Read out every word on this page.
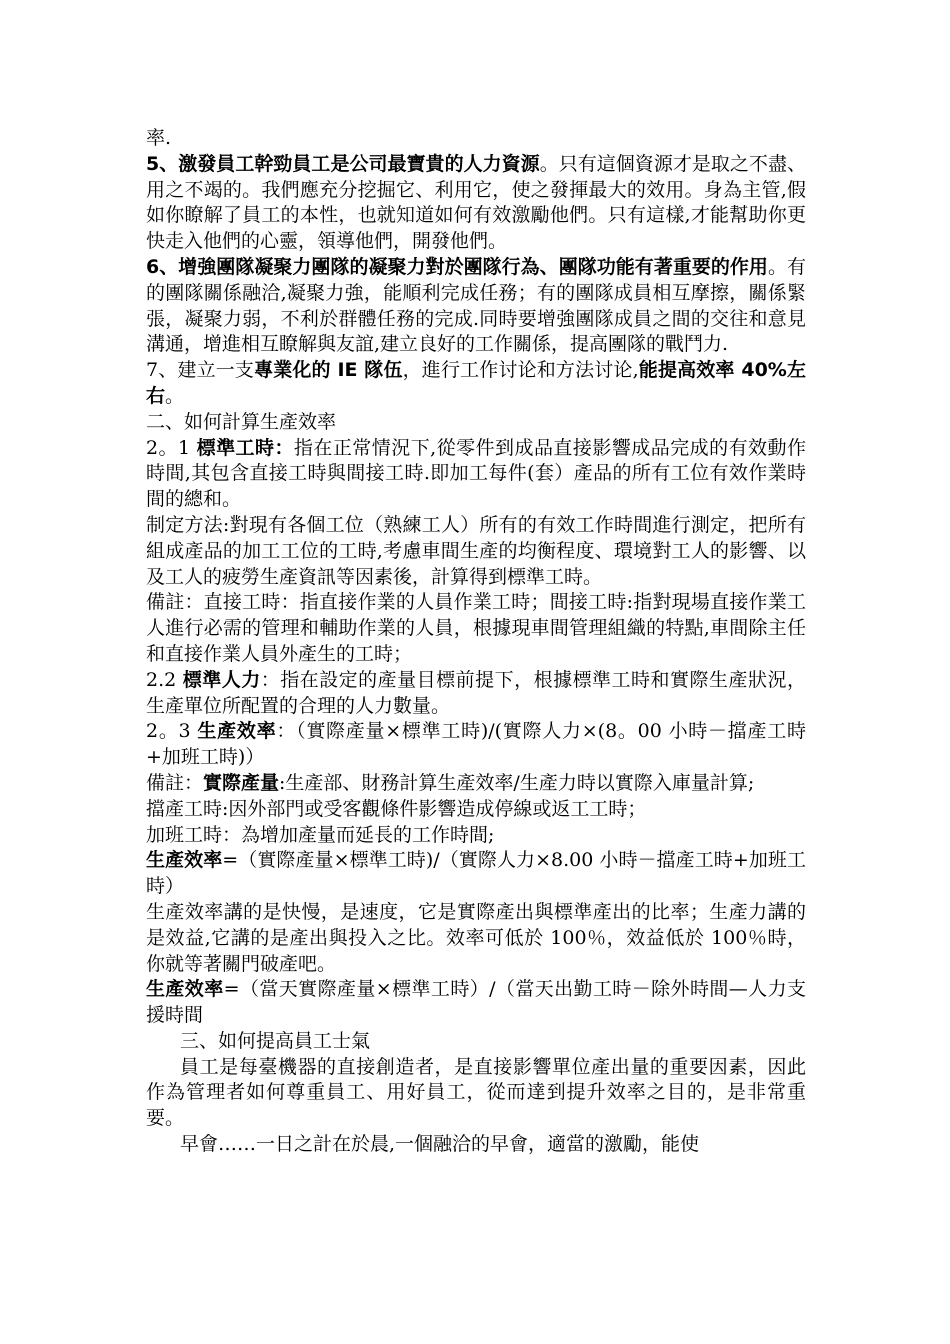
率.

5、激發員工幹勁員工是公司最寶貴的人力資源。只有這個資源才是取之不盡、用之不竭的。我們應充分挖掘它、利用它，使之發揮最大的效用。身為主管,假如你瞭解了員工的本性，也就知道如何有效激勵他們。只有這樣,才能幫助你更快走入他們的心靈，領導他們，開發他們。

6、增強團隊凝聚力團隊的凝聚力對於團隊行為、團隊功能有著重要的作用。有的團隊關係融洽,凝聚力強，能順利完成任務；有的團隊成員相互摩擦，關係緊張，凝聚力弱，不利於群體任務的完成.同時要增強團隊成員之間的交往和意見溝通，增進相互瞭解與友誼,建立良好的工作關係，提高團隊的戰鬥力.

7、建立一支專業化的 IE 隊伍，進行工作讨论和方法讨论,能提高效率 40%左右。

二、如何計算生產效率

2。1 標準工時：指在正常情況下,從零件到成品直接影響成品完成的有效動作時間,其包含直接工時與間接工時.即加工每件(套）產品的所有工位有效作業時間的總和。

制定方法:對現有各個工位（熟練工人）所有的有效工作時間進行測定，把所有組成產品的加工工位的工時,考慮車間生產的均衡程度、環境對工人的影響、以及工人的疲勞生產資訊等因素後，計算得到標準工時。

備註：直接工時：指直接作業的人員作業工時；間接工時:指對現場直接作業工人進行必需的管理和輔助作業的人員，根據現車間管理組織的特點,車間除主任和直接作業人員外產生的工時；

2.2 標準人力：指在設定的產量目標前提下，根據標準工時和實際生產狀況，生產單位所配置的合理的人力數量。

2。3 生產效率：（實際產量×標準工時)/(實際人力×(8。00 小時－擋產工時+加班工時)）

備註：實際產量:生產部、財務計算生產效率/生產力時以實際入庫量計算;

擋產工時:因外部門或受客觀條件影響造成停線或返工工時；

加班工時：為增加產量而延長的工作時間;

生產效率=（實際產量×標準工時)/（實際人力×8.00 小時－擋產工時+加班工時）

生產效率講的是快慢，是速度，它是實際產出與標準產出的比率；生產力講的是效益,它講的是產出與投入之比。效率可低於 100％，效益低於 100％時，你就等著關門破產吧。

生產效率=（當天實際產量×標準工時）/（當天出勤工時－除外時間—人力支援時間

三、如何提高員工士氣

員工是每臺機器的直接創造者，是直接影響單位產出量的重要因素，因此作為管理者如何尊重員工、用好員工，從而達到提升效率之目的，是非常重要。

早會……一日之計在於晨,一個融洽的早會，適當的激勵，能使
